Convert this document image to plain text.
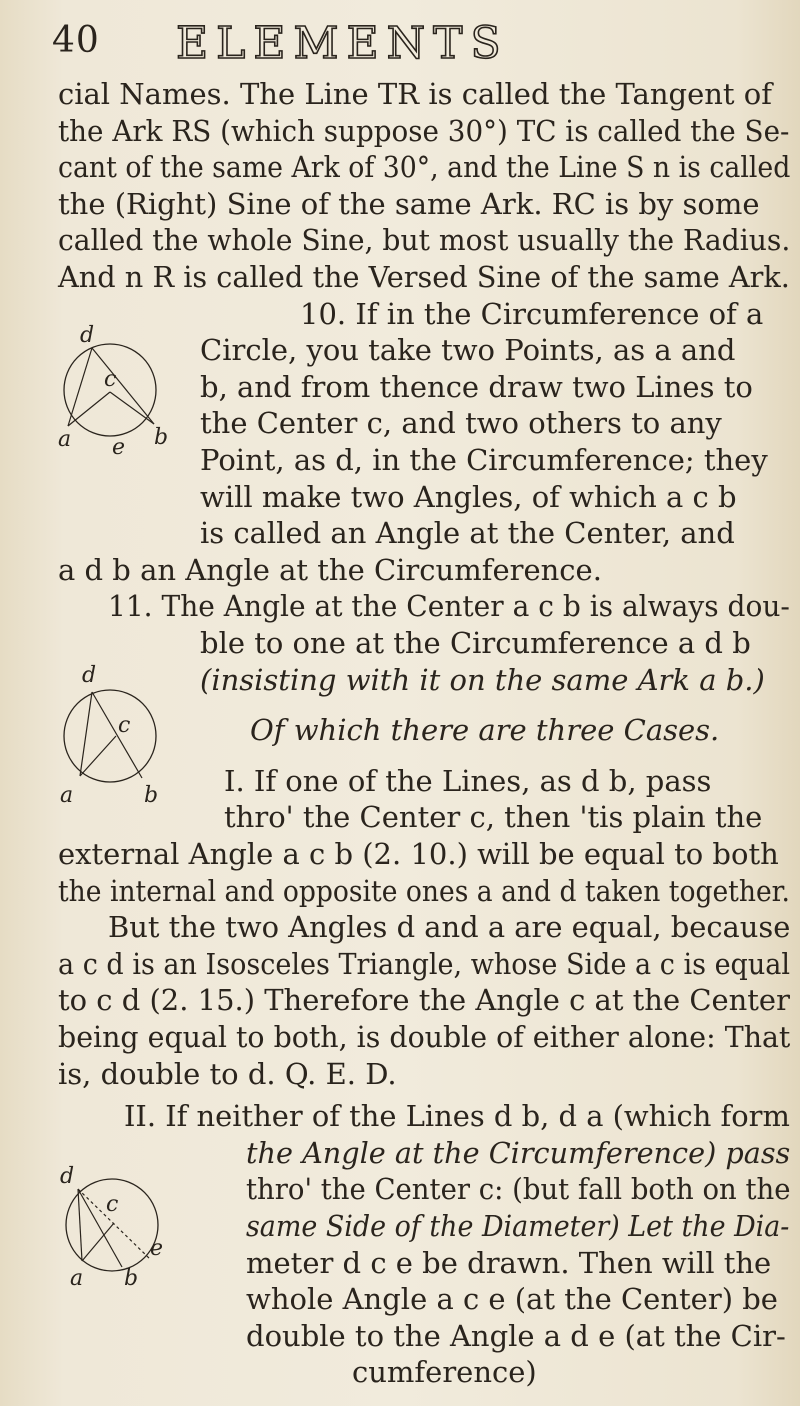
40 ELEMENTS
d
c
a	b
e
d
c
a	b
d
c
e
a b
cial Names. The Line TR is called the Tangent of
the Ark RS (which suppose 30°) TC is called the Se-
cant of the same Ark of 30°, and the Line S n is called
the (Right) Sine of the same Ark. RC is by some
called the whole Sine, but most usually the Radius.
And n R is called the Versed Sine of the same Ark.
10. If in the Circumference of a
Circle, you take two Points, as a and
b, and from thence draw two Lines to
the Center c, and two others to any
Point, as d, in the Circumference; they
will make two Angles, of which a c b
is called an Angle at the Center, and
a d b an Angle at the Circumference.
11. The Angle at the Center a c b is always dou-
ble to one at the Circumference a d b
(insisting with it on the same Ark a b.)
Of which there are three Cases.
I. If one of the Lines, as d b, pass
thro' the Center c, then 'tis plain the
external Angle a c b (2. 10.) will be equal to both
the internal and opposite ones a and d taken together.
But the two Angles d and a are equal, because
a c d is an Isosceles Triangle, whose Side a c is equal
to c d (2. 15.) Therefore the Angle c at the Center
being equal to both, is double of either alone: That
is, double to d. Q. E. D.
II. If neither of the Lines d b, d a (which form
the Angle at the Circumference) pass
thro' the Center c: (but fall both on the
same Side of the Diameter) Let the Dia-
meter d c e be drawn. Then will the
whole Angle a c e (at the Center) be
double to the Angle a d e (at the Cir-
cumference)
